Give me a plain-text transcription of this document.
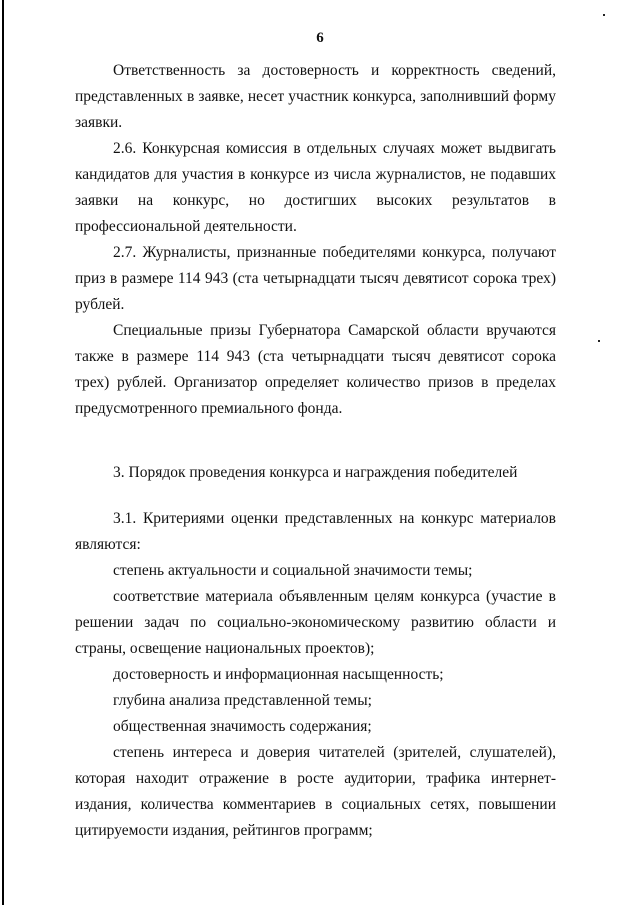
6

Ответственность за достоверность и корректность сведений, представленных в заявке, несет участник конкурса, заполнивший форму заявки.

2.6. Конкурсная комиссия в отдельных случаях может выдвигать кандидатов для участия в конкурсе из числа журналистов, не подавших заявки на конкурс, но достигших высоких результатов в профессиональной деятельности.

2.7. Журналисты, признанные победителями конкурса, получают приз в размере 114 943 (ста четырнадцати тысяч девятисот сорока трех) рублей.

Специальные призы Губернатора Самарской области вручаются также в размере 114 943 (ста четырнадцати тысяч девятисот сорока трех) рублей. Организатор определяет количество призов в пределах предусмотренного премиального фонда.

3. Порядок проведения конкурса и награждения победителей

3.1. Критериями оценки представленных на конкурс материалов являются:

степень актуальности и социальной значимости темы;

соответствие материала объявленным целям конкурса (участие в решении задач по социально-экономическому развитию области и страны, освещение национальных проектов);

достоверность и информационная насыщенность;

глубина анализа представленной темы;

общественная значимость содержания;

степень интереса и доверия читателей (зрителей, слушателей), которая находит отражение в росте аудитории, трафика интернет-издания, количества комментариев в социальных сетях, повышении цитируемости издания, рейтингов программ;
